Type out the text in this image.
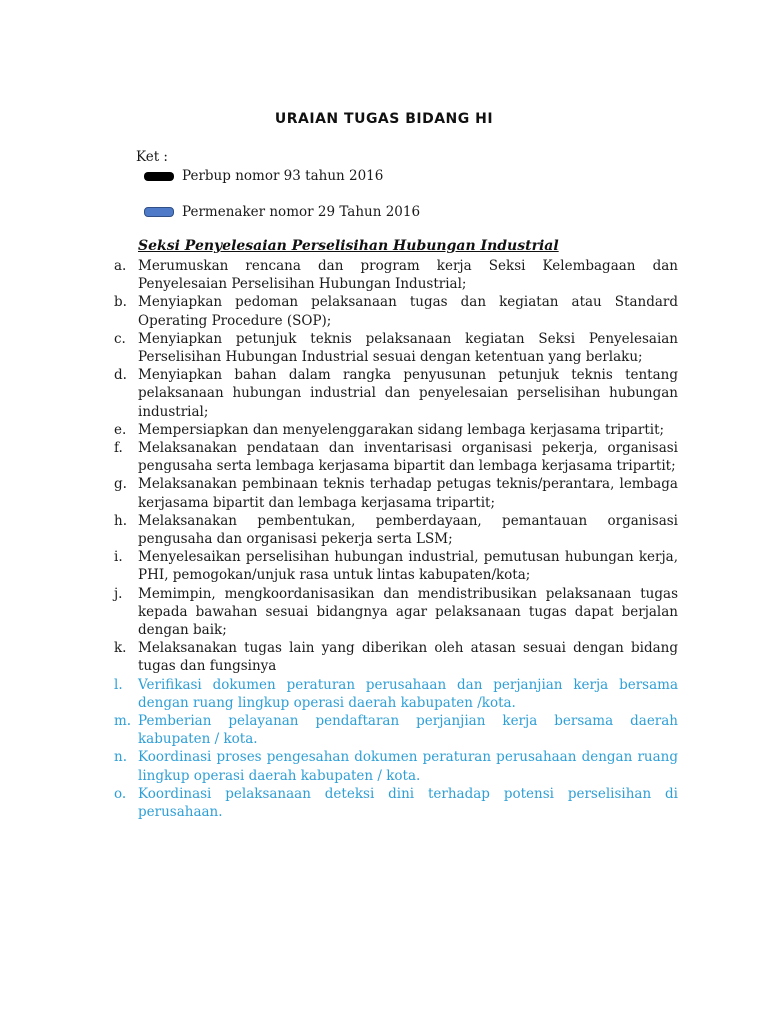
URAIAN TUGAS BIDANG HI
Ket :
Perbup nomor 93 tahun 2016
Permenaker nomor 29 Tahun 2016
Seksi Penyelesaian Perselisihan Hubungan Industrial
a. Merumuskan rencana dan program kerja Seksi Kelembagaan dan Penyelesaian Perselisihan Hubungan Industrial;
b. Menyiapkan pedoman pelaksanaan tugas dan kegiatan atau Standard Operating Procedure (SOP);
c. Menyiapkan petunjuk teknis pelaksanaan kegiatan Seksi Penyelesaian Perselisihan Hubungan Industrial sesuai dengan ketentuan yang berlaku;
d. Menyiapkan bahan dalam rangka penyusunan petunjuk teknis tentang pelaksanaan hubungan industrial dan penyelesaian perselisihan hubungan industrial;
e. Mempersiapkan dan menyelenggarakan sidang lembaga kerjasama tripartit;
f.	Melaksanakan pendataan dan inventarisasi organisasi pekerja, organisasi pengusaha serta lembaga kerjasama bipartit dan lembaga kerjasama tripartit;
g. Melaksanakan pembinaan teknis terhadap petugas teknis/perantara, lembaga kerjasama bipartit dan lembaga kerjasama tripartit;
h. Melaksanakan pembentukan, pemberdayaan, pemantauan organisasi pengusaha dan organisasi pekerja serta LSM;
i.	Menyelesaikan perselisihan hubungan industrial, pemutusan hubungan kerja, PHI, pemogokan/unjuk rasa untuk lintas kabupaten/kota;
j.	Memimpin, mengkoordanisasikan dan mendistribusikan pelaksanaan tugas kepada bawahan sesuai bidangnya agar pelaksanaan tugas dapat berjalan dengan baik;
k. Melaksanakan tugas lain yang diberikan oleh atasan sesuai dengan bidang tugas dan fungsinya
l.	Verifikasi dokumen peraturan perusahaan dan perjanjian kerja bersama dengan ruang lingkup operasi daerah kabupaten /kota.
m. Pemberian pelayanan pendaftaran perjanjian kerja bersama daerah kabupaten / kota.
n. Koordinasi proses pengesahan dokumen peraturan perusahaan dengan ruang lingkup operasi daerah kabupaten / kota.
o. Koordinasi pelaksanaan deteksi dini terhadap potensi perselisihan di perusahaan.
